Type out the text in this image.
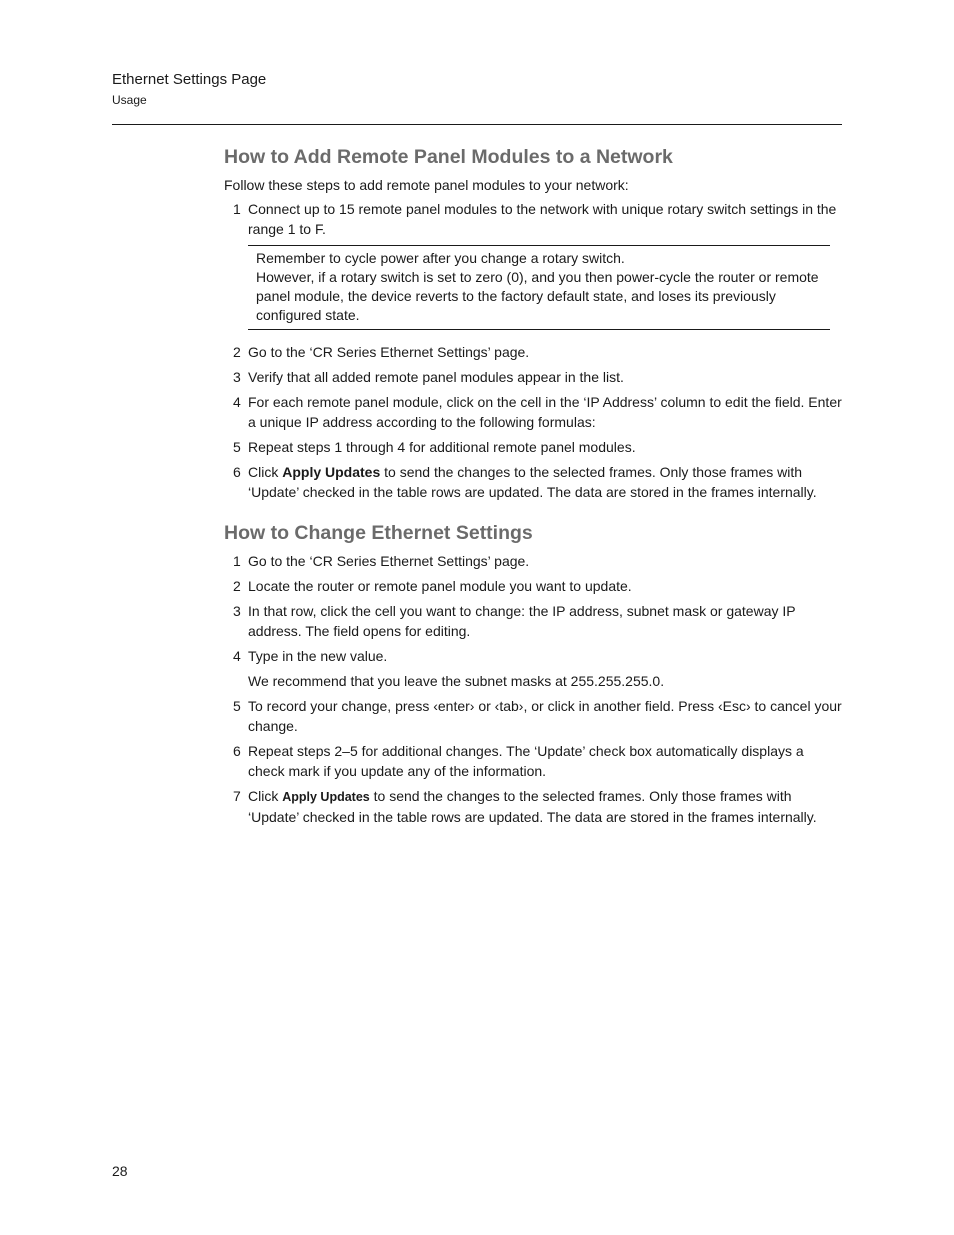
Ethernet Settings Page
Usage
How to Add Remote Panel Modules to a Network
Follow these steps to add remote panel modules to your network:
1 Connect up to 15 remote panel modules to the network with unique rotary switch settings in the range 1 to F.

Remember to cycle power after you change a rotary switch.

However, if a rotary switch is set to zero (0), and you then power-cycle the router or remote panel module, the device reverts to the factory default state, and loses its previously configured state.

2 Go to the ‘CR Series Ethernet Settings’ page.
3 Verify that all added remote panel modules appear in the list.
4 For each remote panel module, click on the cell in the ‘IP Address’ column to edit the field. Enter a unique IP address according to the following formulas:
5 Repeat steps 1 through 4 for additional remote panel modules.
6 Click Apply Updates to send the changes to the selected frames. Only those frames with ‘Update’ checked in the table rows are updated. The data are stored in the frames internally.
How to Change Ethernet Settings
1 Go to the ‘CR Series Ethernet Settings’ page.
2 Locate the router or remote panel module you want to update.
3 In that row, click the cell you want to change: the IP address, subnet mask or gateway IP address. The field opens for editing.
4 Type in the new value.
We recommend that you leave the subnet masks at 255.255.255.0.
5 To record your change, press ‹enter› or ‹tab›, or click in another field. Press ‹Esc› to cancel your change.
6 Repeat steps 2–5 for additional changes. The ‘Update’ check box automatically displays a check mark if you update any of the information.
7 Click Apply Updates to send the changes to the selected frames. Only those frames with ‘Update’ checked in the table rows are updated. The data are stored in the frames internally.
28
